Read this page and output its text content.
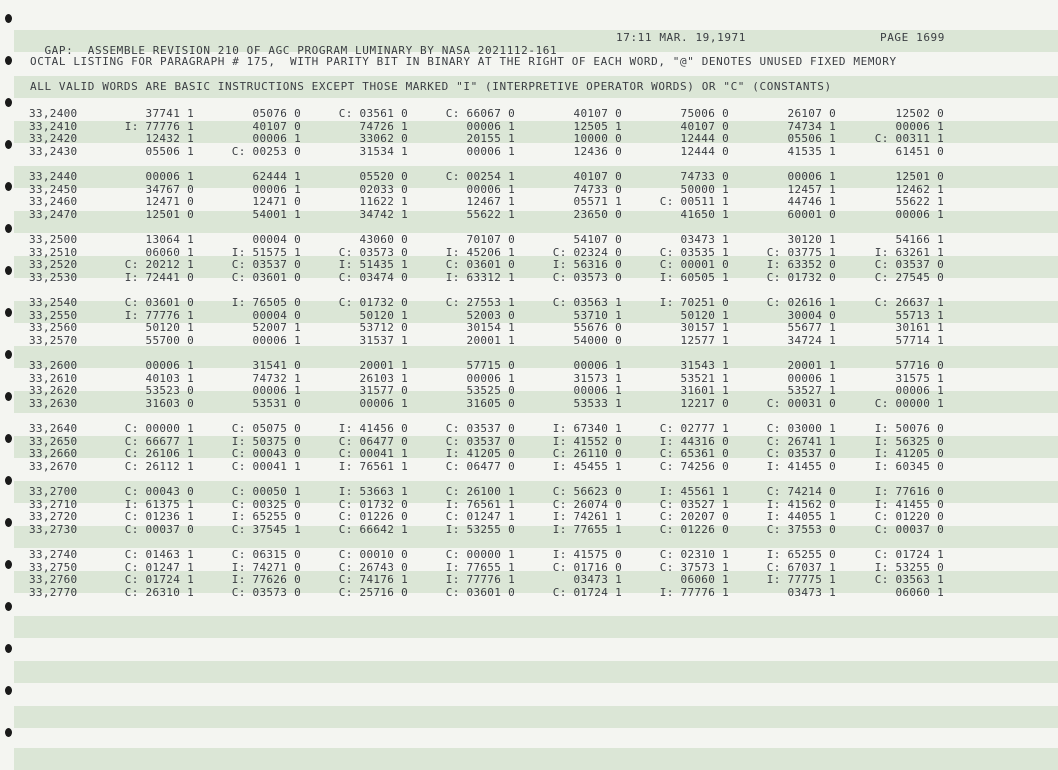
GAP:  ASSEMBLE REVISION 210 OF AGC PROGRAM LUMINARY BY NASA 2021112-161

17:11 MAR. 19,1971

	PAGE 1699

OCTAL LISTING FOR PARAGRAPH # 175,  WITH PARITY BIT IN BINARY AT THE RIGHT OF EACH WORD, "@" DENOTES UNUSED FIXED MEMORY
ALL VALID WORDS ARE BASIC INSTRUCTIONS EXCEPT THOSE MARKED "I" (INTERPRETIVE OPERATOR WORDS) OR "C" (CONSTANTS)
33,2400	37741 1	05076 0	C: 03561 0	C: 66067 0	40107 0	75006 0	26107 0	12502 0
33,2410	I: 77776 1	40107 0	74726 1	00006 1	12505 1	40107 0	74734 1	00006 1
33,2420	12432 1	00006 1	33062 0	20155 1	10000 0	12444 0	05506 1	C: 00311 1
33,2430	05506 1	C: 00253 0	31534 1	00006 1	12436 0	12444 0	41535 1	61451 0
33,2440	00006 1	62444 1	05520 0	C: 00254 1	40107 0	74733 0	00006 1	12501 0
33,2450	34767 0	00006 1	02033 0	00006 1	74733 0	50000 1	12457 1	12462 1
33,2460	12471 0	12471 0	11622 1	12467 1	05571 1	C: 00511 1	44746 1	55622 1
33,2470	12501 0	54001 1	34742 1	55622 1	23650 0	41650 1	60001 0	00006 1
33,2500	13064 1	00004 0	43060 0	70107 0	54107 0	03473 1	30120 1	54166 1
33,2510	06060 1	I: 51575 1	C: 03573 0	I: 45206 1	C: 02324 0	C: 03535 1	C: 03775 1	I: 63261 1
33,2520	C: 20212 1	C: 03537 0	I: 51435 1	C: 03601 0	I: 56316 0	C: 00001 0	I: 63352 0	C: 03537 0
33,2530	I: 72441 0	C: 03601 0	C: 03474 0	I: 63312 1	C: 03573 0	I: 60505 1	C: 01732 0	C: 27545 0
33,2540	C: 03601 0	I: 76505 0	C: 01732 0	C: 27553 1	C: 03563 1	I: 70251 0	C: 02616 1	C: 26637 1
33,2550	I: 77776 1	00004 0	50120 1	52003 0	53710 1	50120 1	30004 0	55713 1
33,2560	50120 1	52007 1	53712 0	30154 1	55676 0	30157 1	55677 1	30161 1
33,2570	55700 0	00006 1	31537 1	20001 1	54000 0	12577 1	34724 1	57714 1
33,2600	00006 1	31541 0	20001 1	57715 0	00006 1	31543 1	20001 1	57716 0
33,2610	40103 1	74732 1	26103 1	00006 1	31573 1	53521 1	00006 1	31575 1
33,2620	53523 0	00006 1	31577 0	53525 0	00006 1	31601 1	53527 1	00006 1
33,2630	31603 0	53531 0	00006 1	31605 0	53533 1	12217 0	C: 00031 0	C: 00000 1
33,2640	C: 00000 1	C: 05075 0	I: 41456 0	C: 03537 0	I: 67340 1	C: 02777 1	C: 03000 1	I: 50076 0
33,2650	C: 66677 1	I: 50375 0	C: 06477 0	C: 03537 0	I: 41552 0	I: 44316 0	C: 26741 1	I: 56325 0
33,2660	C: 26106 1	C: 00043 0	C: 00041 1	I: 41205 0	C: 26110 0	C: 65361 0	C: 03537 0	I: 41205 0
33,2670	C: 26112 1	C: 00041 1	I: 76561 1	C: 06477 0	I: 45455 1	C: 74256 0	I: 41455 0	I: 60345 0
33,2700	C: 00043 0	C: 00050 1	I: 53663 1	C: 26100 1	C: 56623 0	I: 45561 1	C: 74214 0	I: 77616 0
33,2710	I: 61375 1	C: 00325 0	C: 01732 0	I: 76561 1	C: 26074 0	C: 03527 1	I: 41562 0	I: 41455 0
33,2720	C: 01236 1	I: 65255 0	C: 01226 0	C: 01247 1	I: 74261 1	C: 20207 0	I: 44055 1	C: 01220 0
33,2730	C: 00037 0	C: 37545 1	C: 66642 1	I: 53255 0	I: 77655 1	C: 01226 0	C: 37553 0	C: 00037 0
33,2740	C: 01463 1	C: 06315 0	C: 00010 0	C: 00000 1	I: 41575 0	C: 02310 1	I: 65255 0	C: 01724 1
33,2750	C: 01247 1	I: 74271 0	C: 26743 0	I: 77655 1	C: 01716 0	C: 37573 1	C: 67037 1	I: 53255 0
33,2760	C: 01724 1	I: 77626 0	C: 74176 1	I: 77776 1	03473 1	06060 1	I: 77775 1	C: 03563 1
33,2770	C: 26310 1	C: 03573 0	C: 25716 0	C: 03601 0	C: 01724 1	I: 77776 1	03473 1	06060 1
